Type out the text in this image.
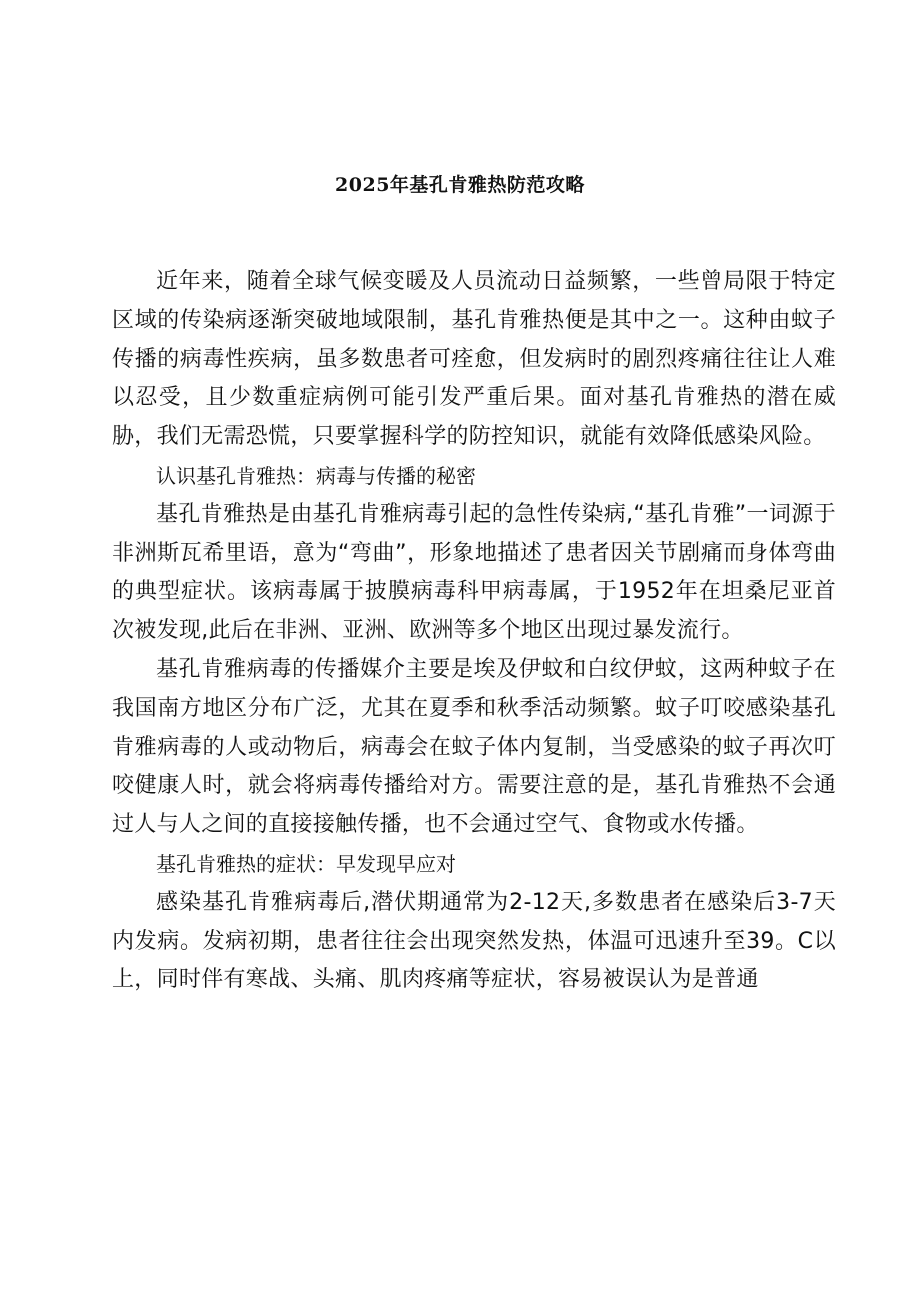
2025年基孔肯雅热防范攻略

近年来，随着全球气候变暖及人员流动日益频繁，一些曾局限于特定区域的传染病逐渐突破地域限制，基孔肯雅热便是其中之一。这种由蚊子传播的病毒性疾病，虽多数患者可痊愈，但发病时的剧烈疼痛往往让人难以忍受，且少数重症病例可能引发严重后果。面对基孔肯雅热的潜在威胁，我们无需恐慌，只要掌握科学的防控知识，就能有效降低感染风险。

认识基孔肯雅热：病毒与传播的秘密

基孔肯雅热是由基孔肯雅病毒引起的急性传染病,“基孔肯雅”一词源于非洲斯瓦希里语，意为“弯曲”，形象地描述了患者因关节剧痛而身体弯曲的典型症状。该病毒属于披膜病毒科甲病毒属，于1952年在坦桑尼亚首次被发现,此后在非洲、亚洲、欧洲等多个地区出现过暴发流行。

基孔肯雅病毒的传播媒介主要是埃及伊蚊和白纹伊蚊，这两种蚊子在我国南方地区分布广泛，尤其在夏季和秋季活动频繁。蚊子叮咬感染基孔肯雅病毒的人或动物后，病毒会在蚊子体内复制，当受感染的蚊子再次叮咬健康人时，就会将病毒传播给对方。需要注意的是，基孔肯雅热不会通过人与人之间的直接接触传播，也不会通过空气、食物或水传播。

基孔肯雅热的症状：早发现早应对

感染基孔肯雅病毒后,潜伏期通常为2-12天,多数患者在感染后3-7天内发病。发病初期，患者往往会出现突然发热，体温可迅速升至39。C以上，同时伴有寒战、头痛、肌肉疼痛等症状，容易被误认为是普通
